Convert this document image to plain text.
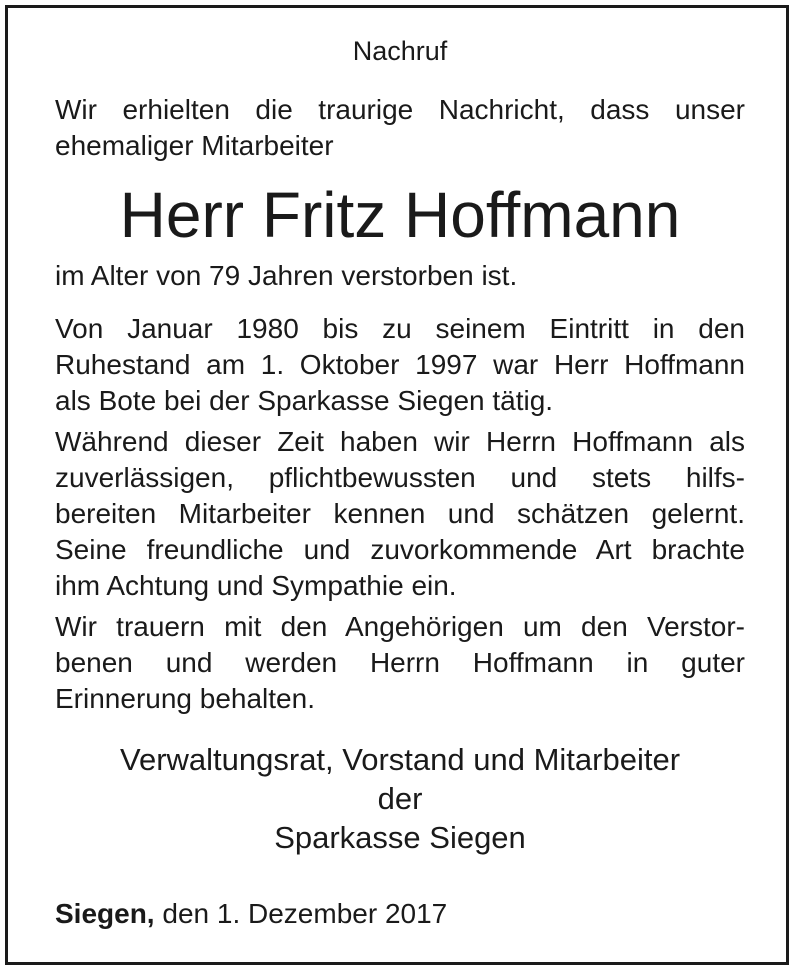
Nachruf
Wir erhielten die traurige Nachricht, dass unser
ehemaliger Mitarbeiter
Herr Fritz Hoffmann
im Alter von 79 Jahren verstorben ist.
Von Januar 1980 bis zu seinem Eintritt in den
Ruhestand am 1. Oktober 1997 war Herr Hoffmann
als Bote bei der Sparkasse Siegen tätig.
Während dieser Zeit haben wir Herrn Hoffmann als
zuverlässigen, pflichtbewussten und stets hilfs-
bereiten Mitarbeiter kennen und schätzen gelernt.
Seine freundliche und zuvorkommende Art brachte
ihm Achtung und Sympathie ein.
Wir trauern mit den Angehörigen um den Verstor-
benen und werden Herrn Hoffmann in guter
Erinnerung behalten.
Verwaltungsrat, Vorstand und Mitarbeiter
der
Sparkasse Siegen
Siegen, den 1. Dezember 2017
